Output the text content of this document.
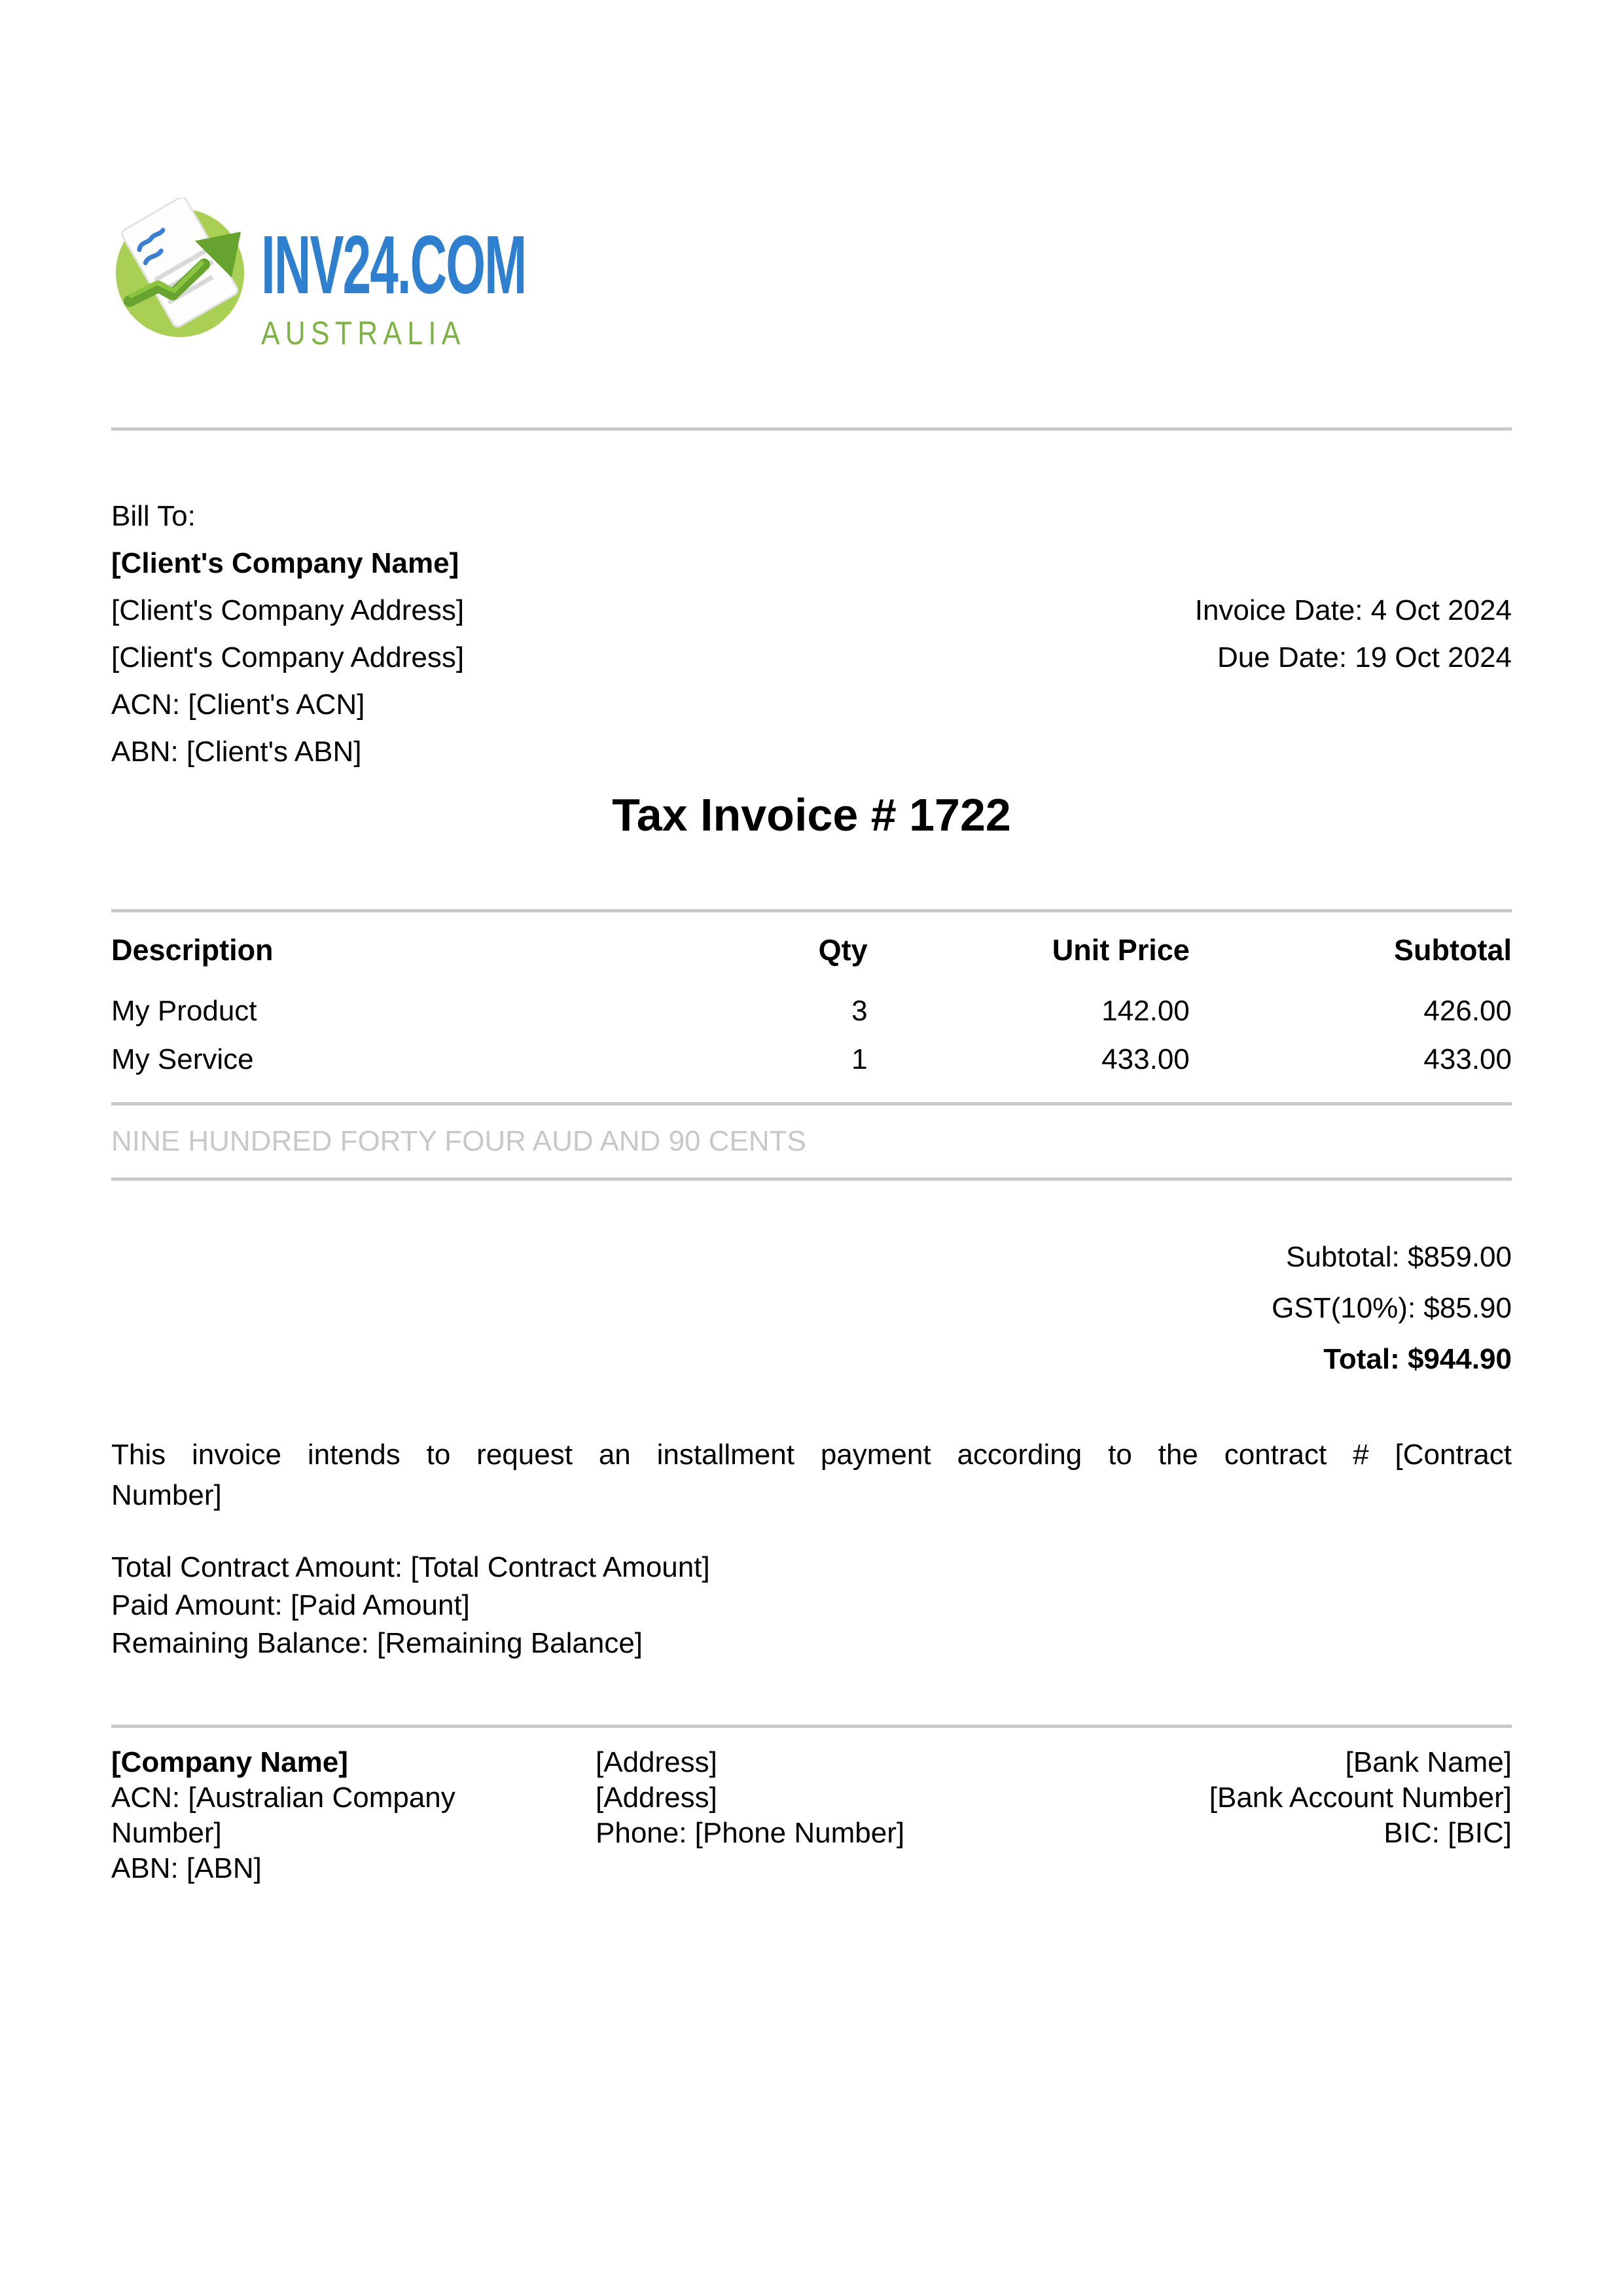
INV24.COM
AUSTRALIA
Bill To:
[Client's Company Name]
[Client's Company Address]
[Client's Company Address]
ACN: [Client's ACN]
ABN: [Client's ABN]
Invoice Date: 4 Oct 2024
Due Date: 19 Oct 2024
Tax Invoice # 1722
Description	Qty	Unit Price	Subtotal
My Product	3	142.00	426.00
My Service	1	433.00	433.00
NINE HUNDRED FORTY FOUR AUD AND 90 CENTS
Subtotal: $859.00
GST(10%): $85.90
Total: $944.90
This invoice intends to request an installment payment according to the contract # [Contract Number]
Total Contract Amount: [Total Contract Amount]
Paid Amount: [Paid Amount]
Remaining Balance: [Remaining Balance]
[Company Name]
ACN: [Australian Company Number]
ABN: [ABN]
[Address]
[Address]
Phone: [Phone Number]
[Bank Name]
[Bank Account Number]
BIC: [BIC]
